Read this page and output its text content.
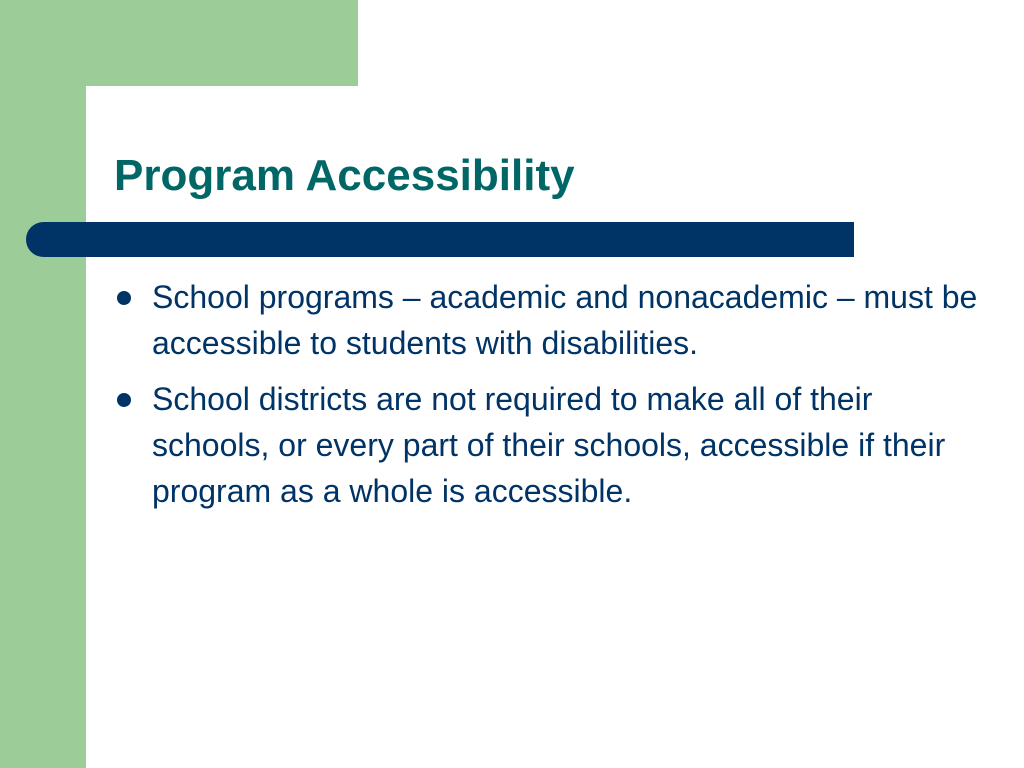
Program Accessibility
School programs – academic and nonacademic – must be accessible to students with disabilities.
School districts are not required to make all of their schools, or every part of their schools, accessible if their program as a whole is accessible.
